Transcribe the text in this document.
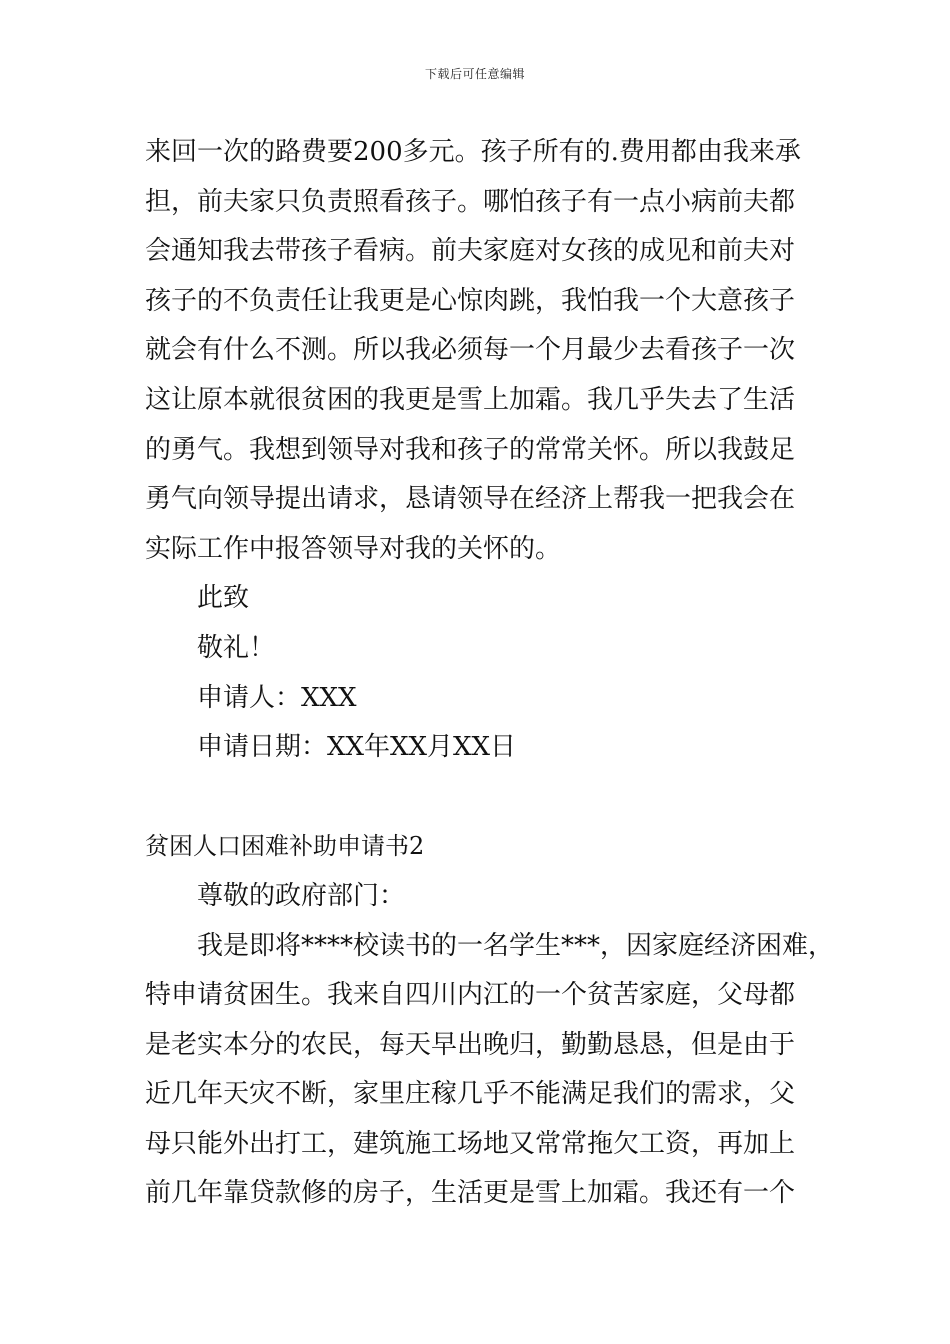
下载后可任意编辑
来回一次的路费要200多元。孩子所有的.费用都由我来承
担，前夫家只负责照看孩子。哪怕孩子有一点小病前夫都
会通知我去带孩子看病。前夫家庭对女孩的成见和前夫对
孩子的不负责任让我更是心惊肉跳，我怕我一个大意孩子
就会有什么不测。所以我必须每一个月最少去看孩子一次
这让原本就很贫困的我更是雪上加霜。我几乎失去了生活
的勇气。我想到领导对我和孩子的常常关怀。所以我鼓足
勇气向领导提出请求，恳请领导在经济上帮我一把我会在
实际工作中报答领导对我的关怀的。
此致
敬礼！
申请人：XXX
申请日期：XX年XX月XX日
贫困人口困难补助申请书2
尊敬的政府部门：
我是即将****校读书的一名学生***，因家庭经济困难，
特申请贫困生。我来自四川内江的一个贫苦家庭，父母都
是老实本分的农民，每天早出晚归，勤勤恳恳，但是由于
近几年天灾不断，家里庄稼几乎不能满足我们的需求，父
母只能外出打工，建筑施工场地又常常拖欠工资，再加上
前几年靠贷款修的房子，生活更是雪上加霜。我还有一个
